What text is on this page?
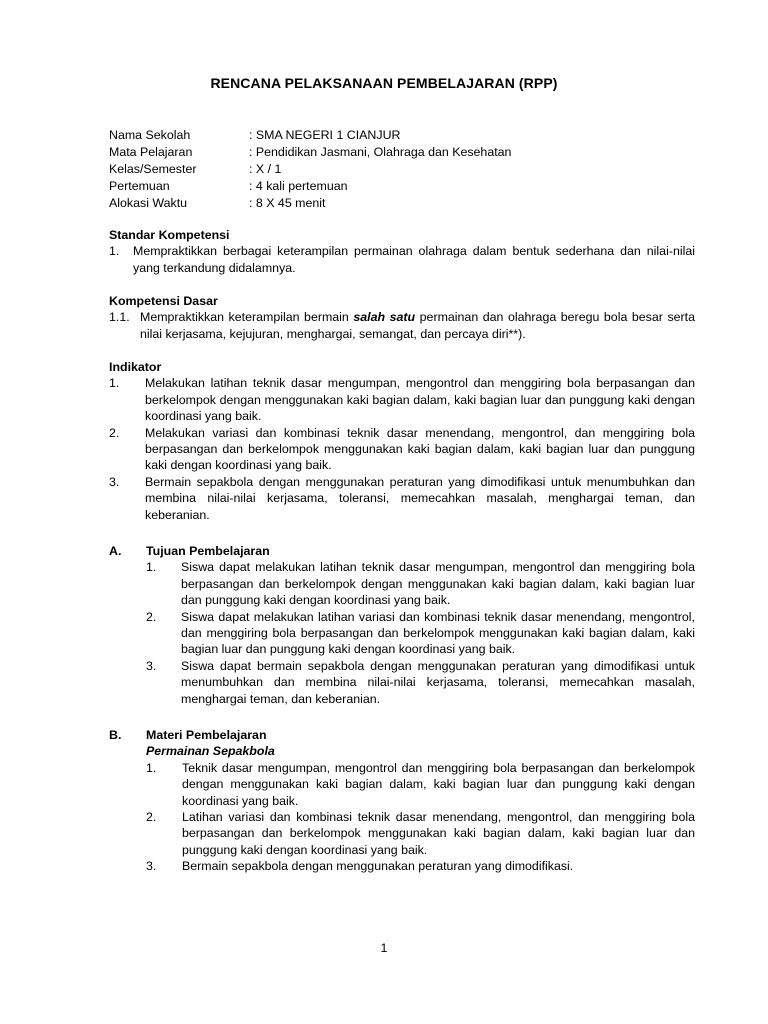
RENCANA PELAKSANAAN PEMBELAJARAN (RPP)
Nama Sekolah	: SMA NEGERI 1 CIANJUR
Mata Pelajaran	: Pendidikan Jasmani, Olahraga dan Kesehatan
Kelas/Semester	: X / 1
Pertemuan	: 4 kali pertemuan
Alokasi Waktu	: 8 X 45 menit
Standar Kompetensi
1.	Mempraktikkan berbagai keterampilan permainan olahraga dalam bentuk sederhana dan nilai-nilai yang terkandung didalamnya.
Kompetensi Dasar
1.1. Mempraktikkan keterampilan bermain salah satu permainan dan olahraga beregu bola besar serta nilai kerjasama, kejujuran, menghargai, semangat, dan percaya diri**).
Indikator
1.	Melakukan latihan teknik dasar mengumpan, mengontrol dan menggiring bola berpasangan dan berkelompok dengan menggunakan kaki bagian dalam, kaki bagian luar dan punggung kaki dengan koordinasi yang baik.
2.	Melakukan variasi dan kombinasi teknik dasar menendang, mengontrol, dan menggiring bola berpasangan dan berkelompok menggunakan kaki bagian dalam, kaki bagian luar dan punggung kaki dengan koordinasi yang baik.
3.	Bermain sepakbola dengan menggunakan peraturan yang dimodifikasi untuk menumbuhkan dan membina nilai-nilai kerjasama, toleransi, memecahkan masalah, menghargai teman, dan keberanian.
A.	Tujuan Pembelajaran
1.	Siswa dapat melakukan latihan teknik dasar mengumpan, mengontrol dan menggiring bola berpasangan dan berkelompok dengan menggunakan kaki bagian dalam, kaki bagian luar dan punggung kaki dengan koordinasi yang baik.
2.	Siswa dapat melakukan latihan variasi dan kombinasi teknik dasar menendang, mengontrol, dan menggiring bola berpasangan dan berkelompok menggunakan kaki bagian dalam, kaki bagian luar dan punggung kaki dengan koordinasi yang baik.
3.	Siswa dapat bermain sepakbola dengan menggunakan peraturan yang dimodifikasi untuk menumbuhkan dan membina nilai-nilai kerjasama, toleransi, memecahkan masalah, menghargai teman, dan keberanian.
B.	Materi Pembelajaran
Permainan Sepakbola
1.	Teknik dasar mengumpan, mengontrol dan menggiring bola berpasangan dan berkelompok dengan menggunakan kaki bagian dalam, kaki bagian luar dan punggung kaki dengan koordinasi yang baik.
2.	Latihan variasi dan kombinasi teknik dasar menendang, mengontrol, dan menggiring bola berpasangan dan berkelompok menggunakan kaki bagian dalam, kaki bagian luar dan punggung kaki dengan koordinasi yang baik.
3.	Bermain sepakbola dengan menggunakan peraturan yang dimodifikasi.
1
